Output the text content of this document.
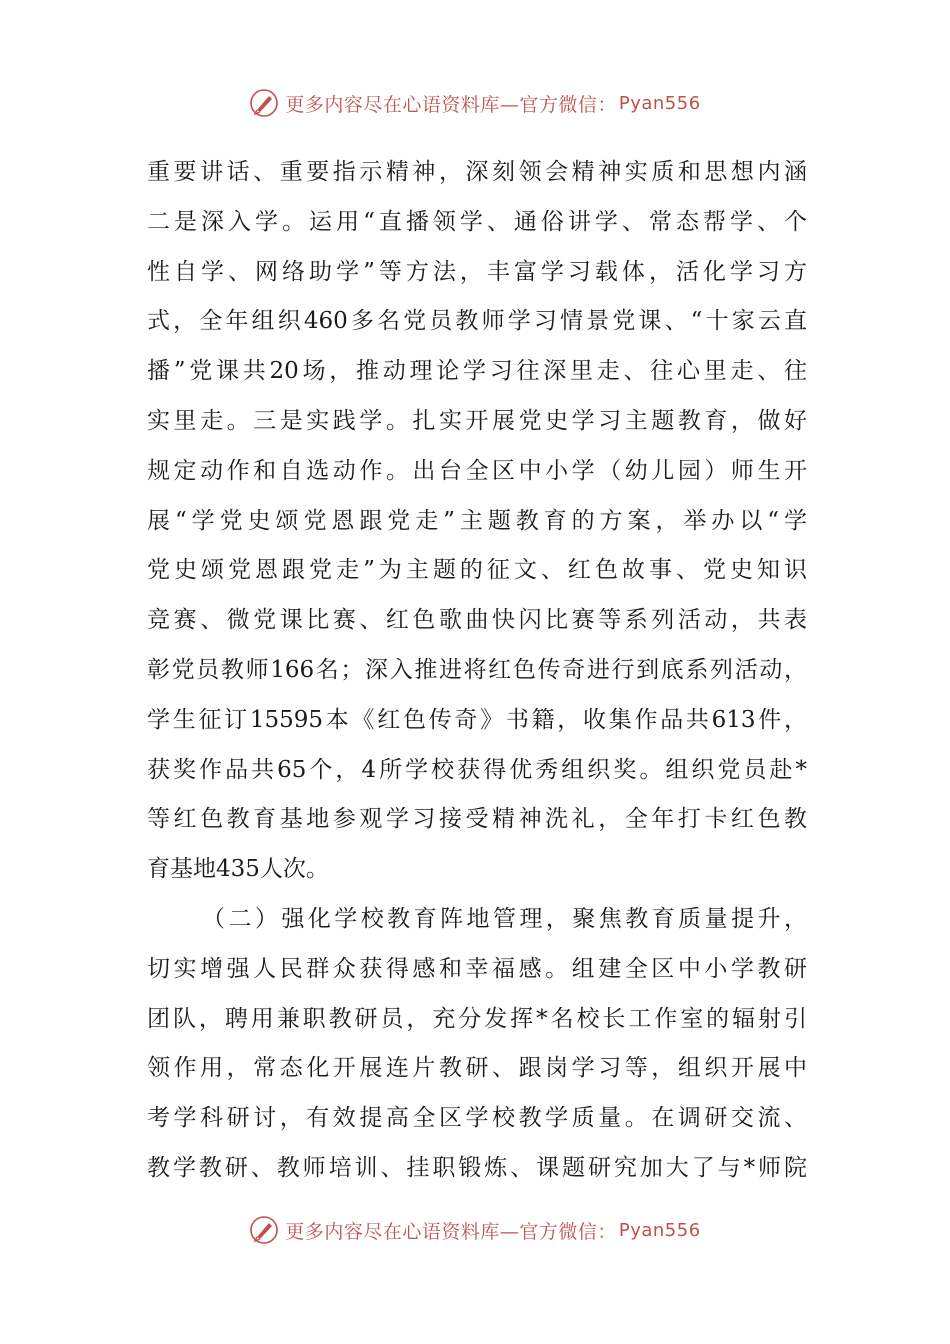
更多内容尽在心语资料库—官方微信： Pyan556
重要讲话、重要指示精神，深刻领会精神实质和思想内涵
二是深入学。运用“直播领学、通俗讲学、常态帮学、个
性自学、网络助学”等方法，丰富学习载体，活化学习方
式，全年组织460多名党员教师学习情景党课、“十家云直
播”党课共20场，推动理论学习往深里走、往心里走、往
实里走。三是实践学。扎实开展党史学习主题教育，做好
规定动作和自选动作。出台全区中小学（幼儿园）师生开
展“学党史颂党恩跟党走”主题教育的方案，举办以“学
党史颂党恩跟党走”为主题的征文、红色故事、党史知识
竞赛、微党课比赛、红色歌曲快闪比赛等系列活动，共表
彰党员教师166名；深入推进将红色传奇进行到底系列活动，
学生征订15595本《红色传奇》书籍，收集作品共613件，
获奖作品共65个，4所学校获得优秀组织奖。组织党员赴*
等红色教育基地参观学习接受精神洗礼，全年打卡红色教
育基地435人次。
（二）强化学校教育阵地管理，聚焦教育质量提升，
切实增强人民群众获得感和幸福感。组建全区中小学教研
团队，聘用兼职教研员，充分发挥*名校长工作室的辐射引
领作用，常态化开展连片教研、跟岗学习等，组织开展中
考学科研讨，有效提高全区学校教学质量。在调研交流、
教学教研、教师培训、挂职锻炼、课题研究加大了与*师院
更多内容尽在心语资料库—官方微信： Pyan556
